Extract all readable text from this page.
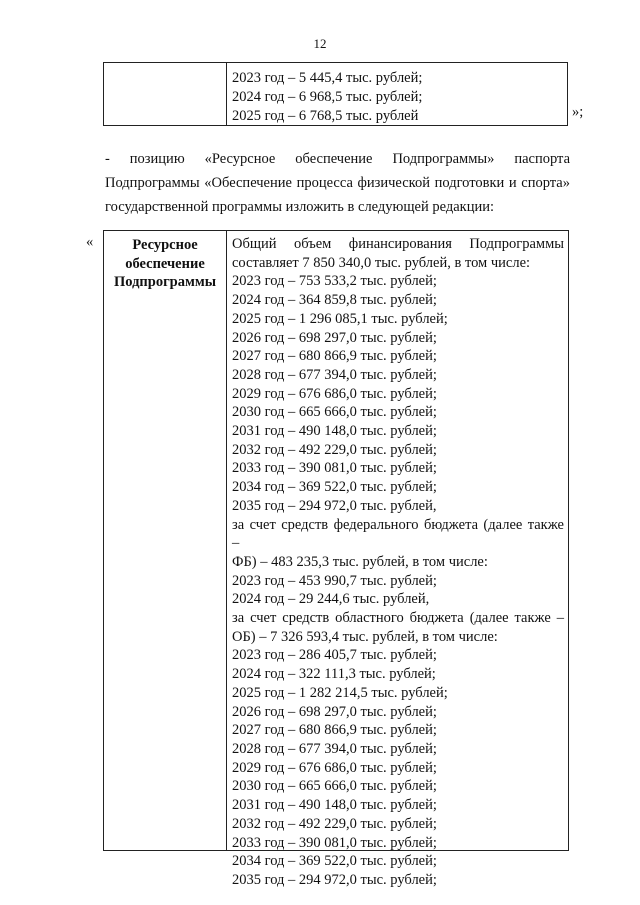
12
2023 год – 5 445,4 тыс. рублей;
2024 год – 6 968,5 тыс. рублей;
2025 год – 6 768,5 тыс. рублей	»;
- позицию «Ресурсное обеспечение Подпрограммы» паспорта
Подпрограммы «Обеспечение процесса физической подготовки и спорта»
государственной программы изложить в следующей редакции:
«	Ресурсное
обеспечение
Подпрограммы
Общий объем финансирования Подпрограммы
составляет 7 850 340,0 тыс. рублей, в том числе:
2023 год – 753 533,2 тыс. рублей;
2024 год – 364 859,8 тыс. рублей;
2025 год – 1 296 085,1 тыс. рублей;
2026 год – 698 297,0 тыс. рублей;
2027 год – 680 866,9 тыс. рублей;
2028 год – 677 394,0 тыс. рублей;
2029 год – 676 686,0 тыс. рублей;
2030 год – 665 666,0 тыс. рублей;
2031 год – 490 148,0 тыс. рублей;
2032 год – 492 229,0 тыс. рублей;
2033 год – 390 081,0 тыс. рублей;
2034 год – 369 522,0 тыс. рублей;
2035 год – 294 972,0 тыс. рублей,
за счет средств федерального бюджета (далее также –
ФБ) – 483 235,3 тыс. рублей, в том числе:
2023 год – 453 990,7 тыс. рублей;
2024 год – 29 244,6 тыс. рублей,
за счет средств областного бюджета (далее также –
ОБ) – 7 326 593,4 тыс. рублей, в том числе:
2023 год – 286 405,7 тыс. рублей;
2024 год – 322 111,3 тыс. рублей;
2025 год – 1 282 214,5 тыс. рублей;
2026 год – 698 297,0 тыс. рублей;
2027 год – 680 866,9 тыс. рублей;
2028 год – 677 394,0 тыс. рублей;
2029 год – 676 686,0 тыс. рублей;
2030 год – 665 666,0 тыс. рублей;
2031 год – 490 148,0 тыс. рублей;
2032 год – 492 229,0 тыс. рублей;
2033 год – 390 081,0 тыс. рублей;
2034 год – 369 522,0 тыс. рублей;
2035 год – 294 972,0 тыс. рублей;
